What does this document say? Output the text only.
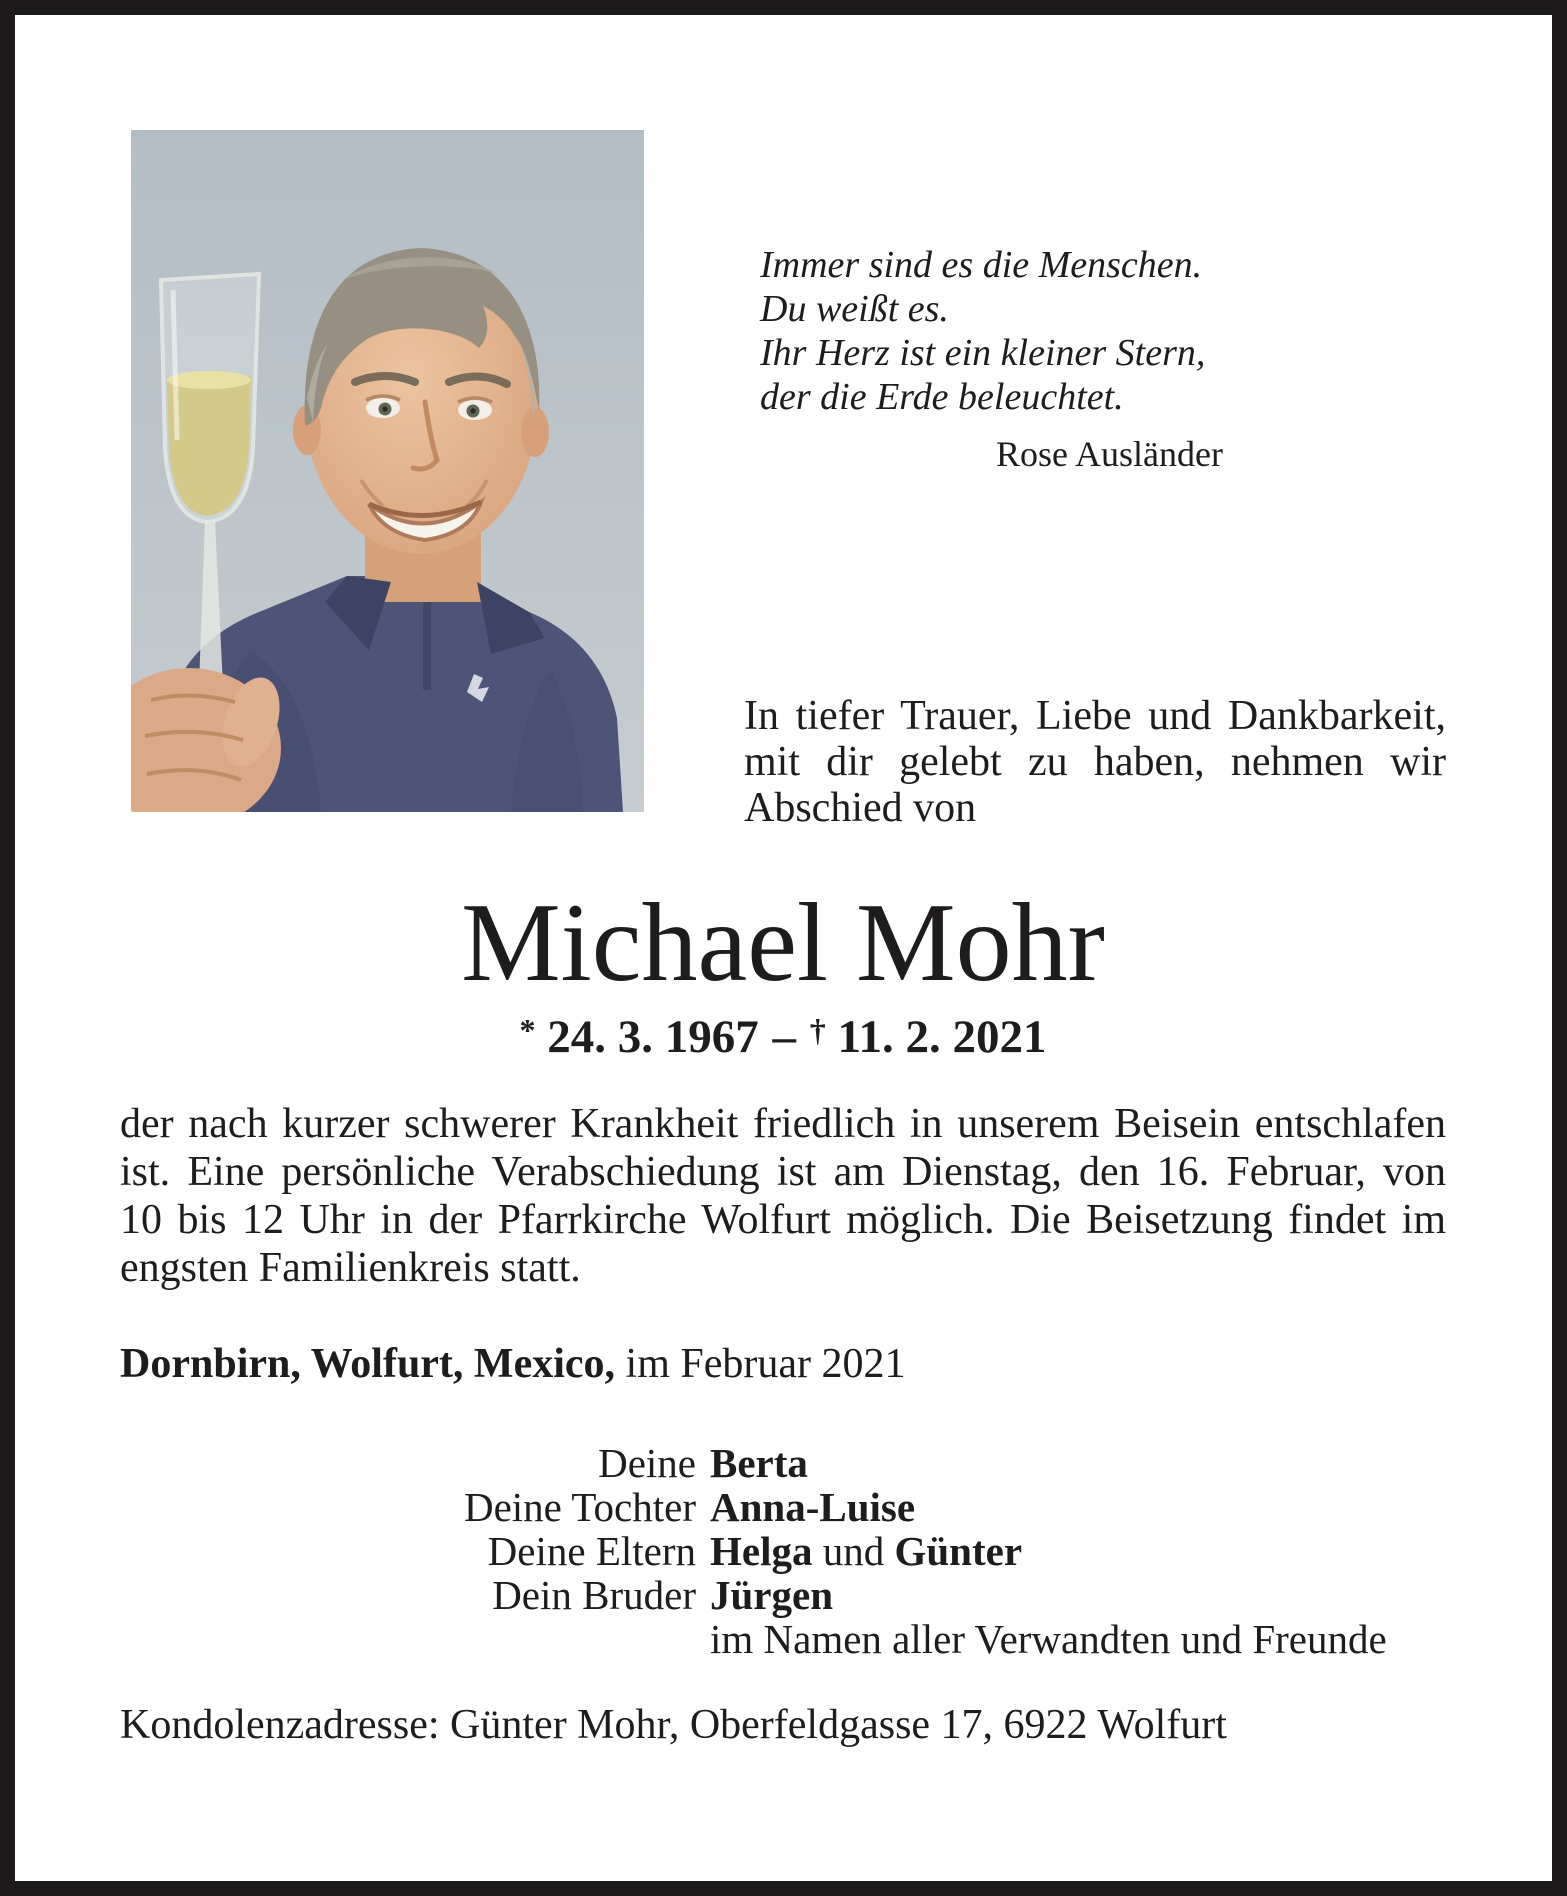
Immer sind es die Menschen.
Du weißt es.
Ihr Herz ist ein kleiner Stern,
der die Erde beleuchtet.
Rose Ausländer
In tiefer Trauer, Liebe und Dankbarkeit,
mit dir gelebt zu haben, nehmen wir
Abschied von
Michael Mohr
* 24. 3. 1967 – † 11. 2. 2021
der nach kurzer schwerer Krankheit friedlich in unserem Beisein entschlafen
ist. Eine persönliche Verabschiedung ist am Dienstag, den 16. Februar, von
10 bis 12 Uhr in der Pfarrkirche Wolfurt möglich. Die Beisetzung findet im
engsten Familienkreis statt.
Dornbirn, Wolfurt, Mexico, im Februar 2021
Deine Berta
Deine Tochter Anna-Luise
Deine Eltern Helga und Günter
Dein Bruder Jürgen
im Namen aller Verwandten und Freunde
Kondolenzadresse: Günter Mohr, Oberfeldgasse 17, 6922 Wolfurt
